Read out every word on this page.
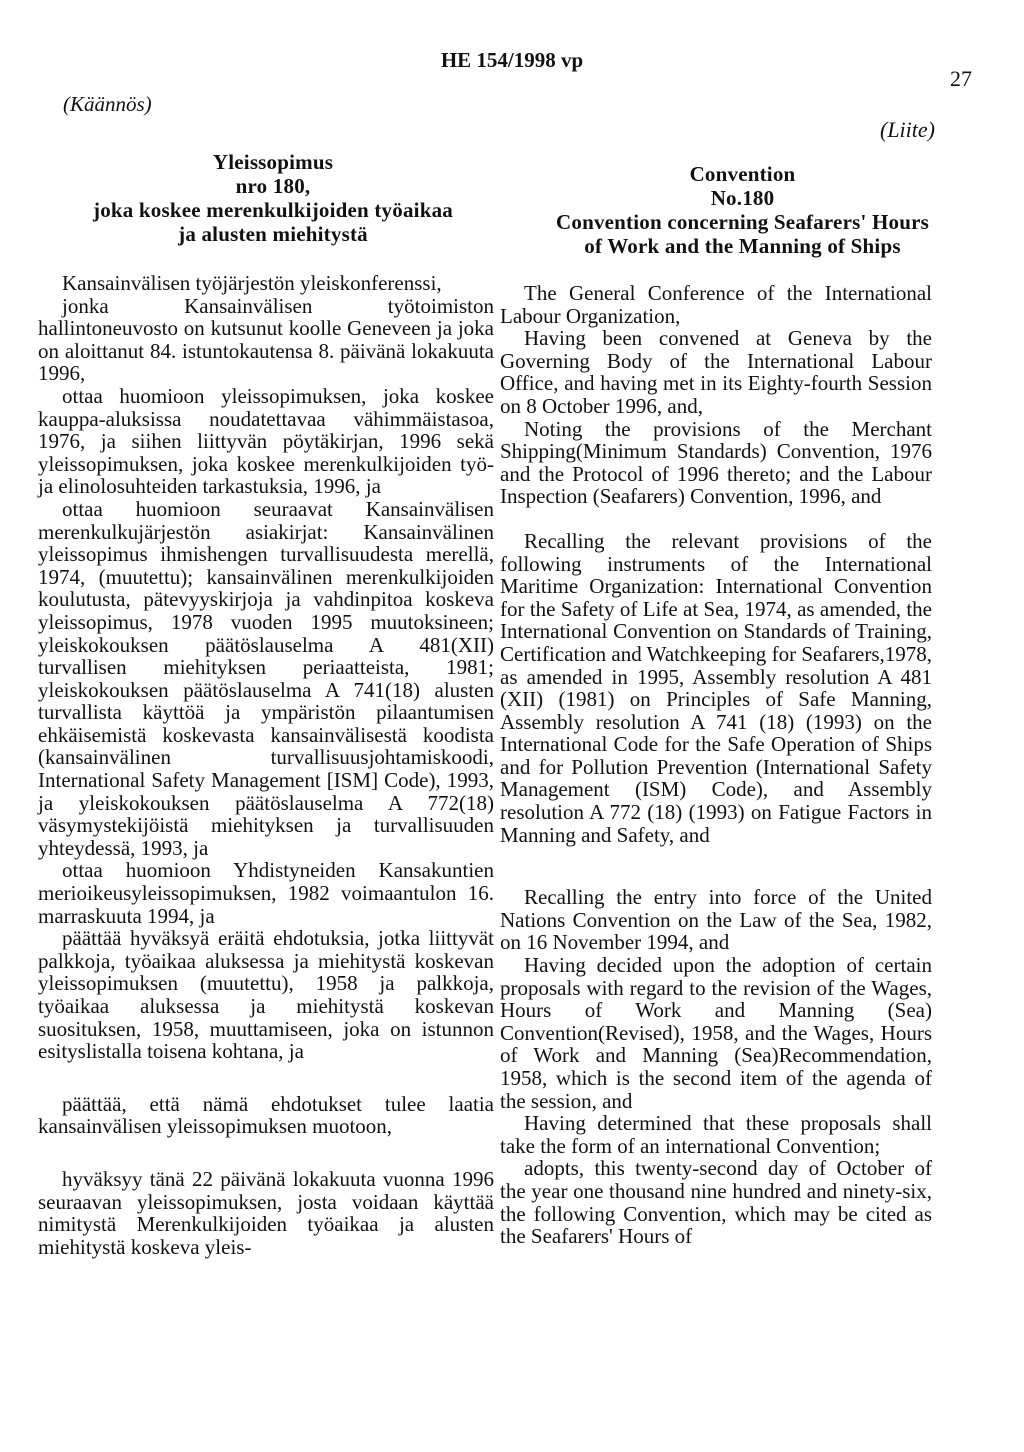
HE 154/1998 vp
27
(Käännös)
(Liite)
Yleissopimus
nro 180,
joka koskee merenkulkijoiden työaikaa
ja alusten miehitystä
Convention
No.180
Convention concerning Seafarers' Hours
of Work and the Manning of Ships

Kansainvälisen työjärjestön yleiskonferenssi,

jonka Kansainvälisen työtoimiston hallintoneuvosto on kutsunut koolle Geneveen ja joka on aloittanut 84. istuntokautensa 8. päivänä lokakuuta 1996,

ottaa huomioon yleissopimuksen, joka koskee kauppa-aluksissa noudatettavaa vähimmäistasoa, 1976, ja siihen liittyvän pöytäkirjan, 1996 sekä yleissopimuksen, joka koskee merenkulkijoiden työ- ja elinolosuhteiden tarkastuksia, 1996, ja

ottaa huomioon seuraavat Kansainvälisen merenkulkujärjestön asiakirjat: Kansainvälinen yleissopimus ihmishengen turvallisuudesta merellä, 1974, (muutettu); kansainvälinen merenkulkijoiden koulutusta, pätevyyskirjoja ja vahdinpitoa koskeva yleissopimus, 1978 vuoden 1995 muutoksineen; yleiskokouksen päätöslauselma A 481(XII) turvallisen miehityksen periaatteista, 1981; yleiskokouksen päätöslauselma A 741(18) alusten turvallista käyttöä ja ympäristön pilaantumisen ehkäisemistä koskevasta kansainvälisestä koodista (kansainvälinen turvallisuusjohtamiskoodi, International Safety Management [ISM] Code), 1993, ja yleiskokouksen päätöslauselma A 772(18) väsymystekijöistä miehityksen ja turvallisuuden yhteydessä, 1993, ja

ottaa huomioon Yhdistyneiden Kansakuntien merioikeusyleissopimuksen, 1982 voimaantulon 16. marraskuuta 1994, ja

päättää hyväksyä eräitä ehdotuksia, jotka liittyvät palkkoja, työaikaa aluksessa ja miehitystä koskevan yleissopimuksen (muutettu), 1958 ja palkkoja, työaikaa aluksessa ja miehitystä koskevan suosituksen, 1958, muuttamiseen, joka on istunnon esityslistalla toisena kohtana, ja

päättää, että nämä ehdotukset tulee laatia kansainvälisen yleissopimuksen muotoon,

hyväksyy tänä 22 päivänä lokakuuta vuonna 1996 seuraavan yleissopimuksen, josta voidaan käyttää nimitystä Merenkulkijoiden työaikaa ja alusten miehitystä koskeva yleis-

The General Conference of the International Labour Organization,

Having been convened at Geneva by the Governing Body of the International Labour Office, and having met in its Eighty-fourth Session on 8 October 1996, and,

Noting the provisions of the Merchant Shipping(Minimum Standards) Convention, 1976 and the Protocol of 1996 thereto; and the Labour Inspection (Seafarers) Convention, 1996, and

Recalling the relevant provisions of the following instruments of the International Maritime Organization: International Convention for the Safety of Life at Sea, 1974, as amended, the International Convention on Standards of Training, Certification and Watchkeeping for Seafarers,1978, as amended in 1995, Assembly resolution A 481 (XII) (1981) on Principles of Safe Manning, Assembly resolution A 741 (18) (1993) on the International Code for the Safe Operation of Ships and for Pollution Prevention (International Safety Management (ISM) Code), and Assembly resolution A 772 (18) (1993) on Fatigue Factors in Manning and Safety, and

Recalling the entry into force of the United Nations Convention on the Law of the Sea, 1982, on 16 November 1994, and

Having decided upon the adoption of certain proposals with regard to the revision of the Wages, Hours of Work and Manning (Sea) Convention(Revised), 1958, and the Wages, Hours of Work and Manning (Sea)Recommendation, 1958, which is the second item of the agenda of the session, and

Having determined that these proposals shall take the form of an international Convention;

adopts, this twenty-second day of October of the year one thousand nine hundred and ninety-six, the following Convention, which may be cited as the Seafarers' Hours of
